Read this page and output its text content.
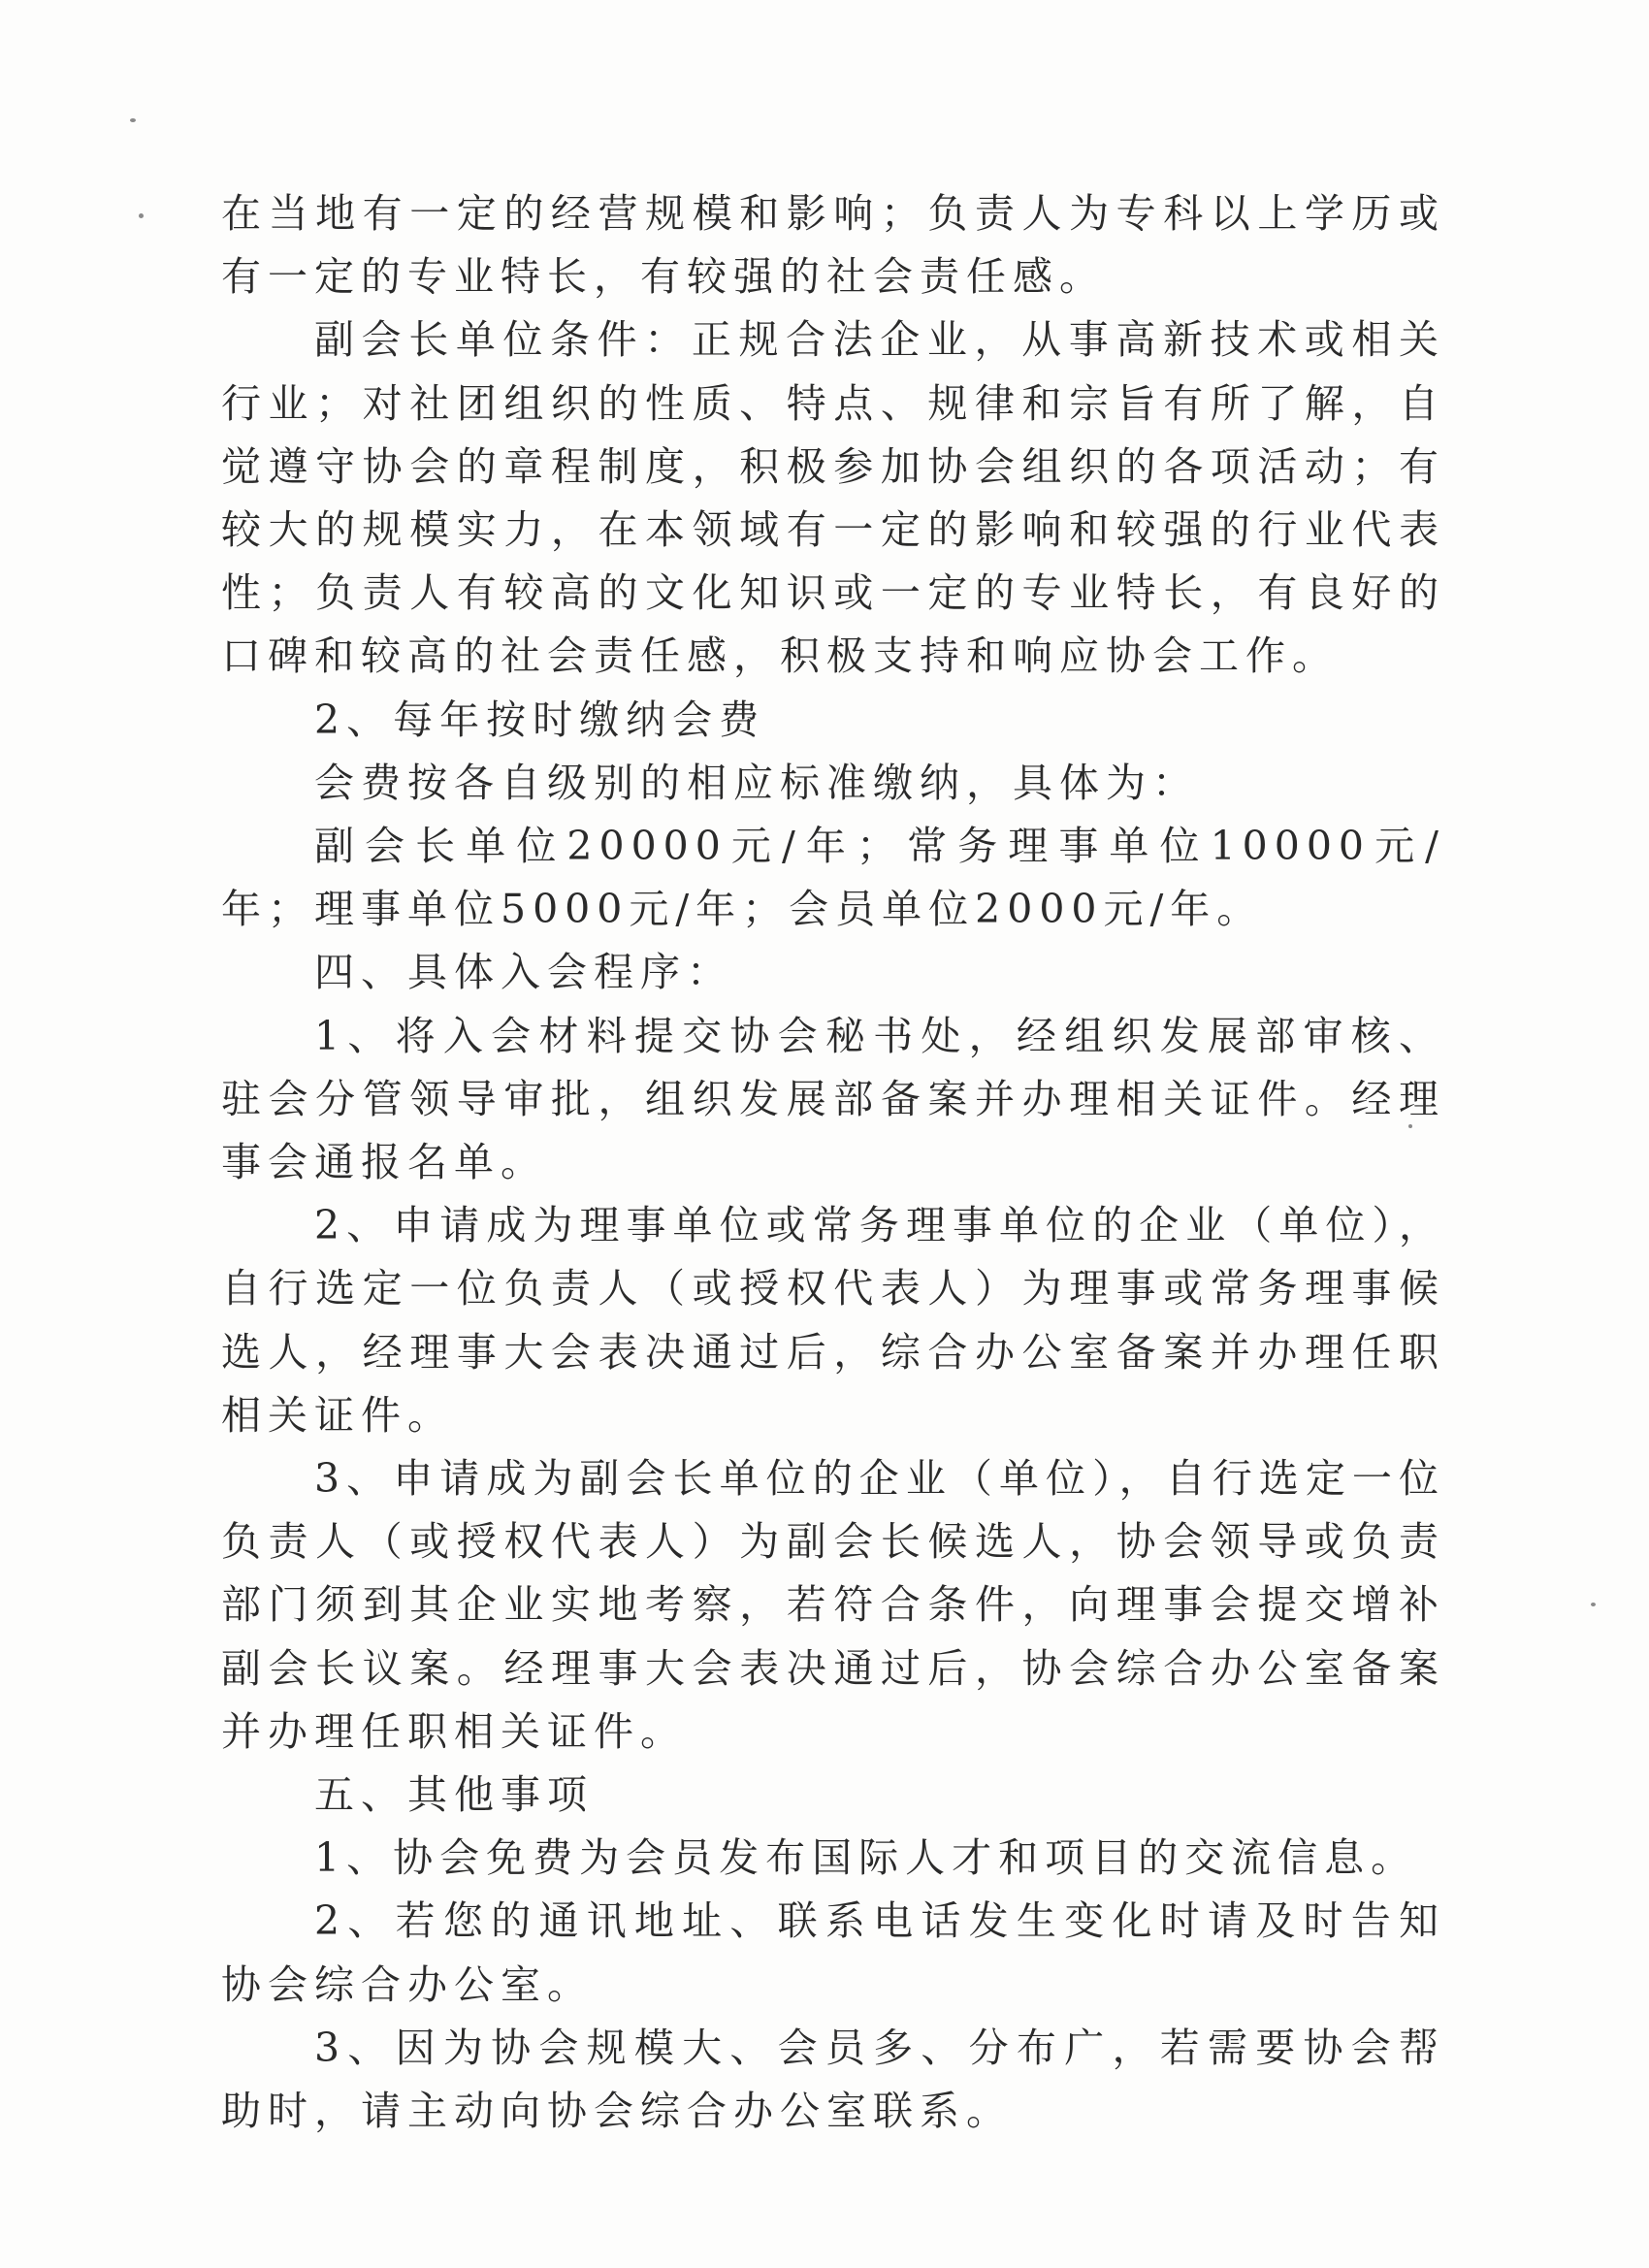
在当地有一定的经营规模和影响；负责人为专科以上学历或有一定的专业特长，有较强的社会责任感。

副会长单位条件：正规合法企业，从事高新技术或相关行业；对社团组织的性质、特点、规律和宗旨有所了解，自觉遵守协会的章程制度，积极参加协会组织的各项活动；有较大的规模实力，在本领域有一定的影响和较强的行业代表性；负责人有较高的文化知识或一定的专业特长，有良好的口碑和较高的社会责任感，积极支持和响应协会工作。

2、每年按时缴纳会费

会费按各自级别的相应标准缴纳，具体为：

副会长单位20000元/年；常务理事单位10000元/年；理事单位5000元/年；会员单位2000元/年。

四、具体入会程序：

1、将入会材料提交协会秘书处，经组织发展部审核、驻会分管领导审批，组织发展部备案并办理相关证件。经理事会通报名单。

2、申请成为理事单位或常务理事单位的企业（单位），自行选定一位负责人（或授权代表人）为理事或常务理事候选人，经理事大会表决通过后，综合办公室备案并办理任职相关证件。

3、申请成为副会长单位的企业（单位），自行选定一位负责人（或授权代表人）为副会长候选人，协会领导或负责部门须到其企业实地考察，若符合条件，向理事会提交增补副会长议案。经理事大会表决通过后，协会综合办公室备案并办理任职相关证件。

五、其他事项

1、协会免费为会员发布国际人才和项目的交流信息。

2、若您的通讯地址、联系电话发生变化时请及时告知协会综合办公室。

3、因为协会规模大、会员多、分布广，若需要协会帮助时，请主动向协会综合办公室联系。
